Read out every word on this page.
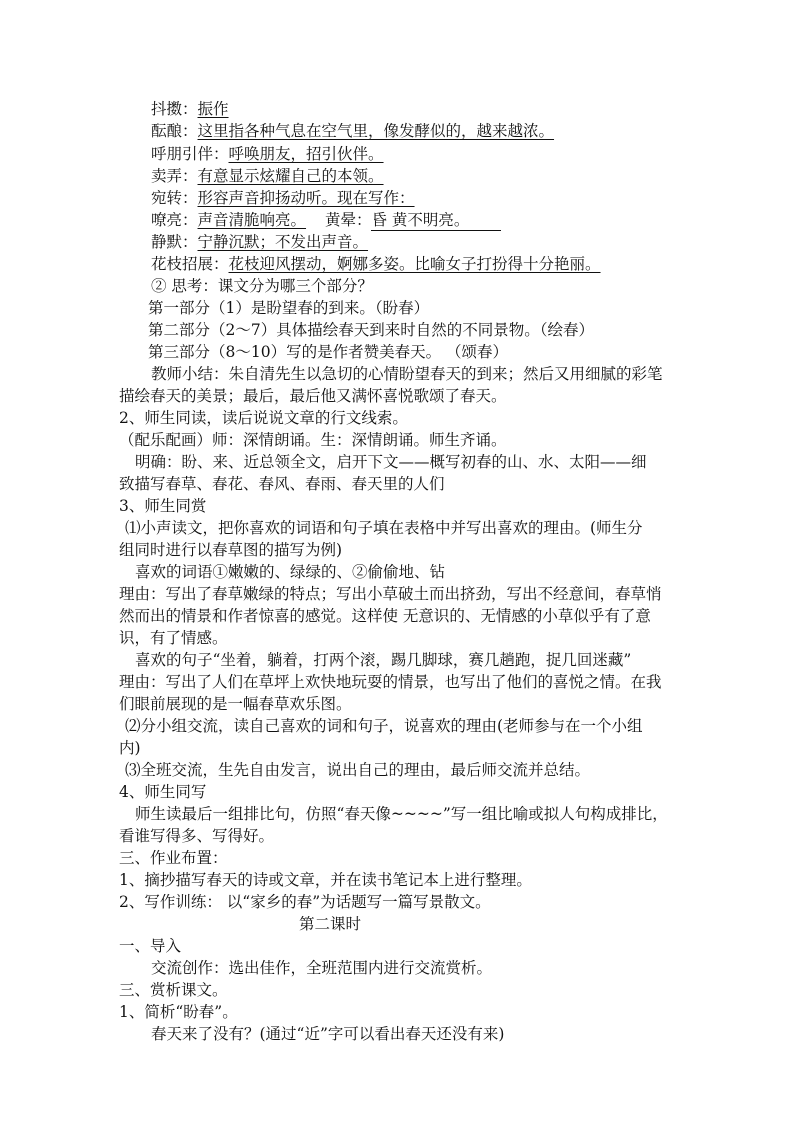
抖擞：振作
酝酿：这里指各种气息在空气里，像发酵似的，越来越浓。
呼朋引伴：呼唤朋友，招引伙伴。
卖弄：有意显示炫耀自己的本领。
宛转：形容声音抑扬动听。现在写作：
嘹亮：声音清脆响亮。 黄晕：昏 黄不明亮。
静默：宁静沉默；不发出声音。
花枝招展：花枝迎风摆动，婀娜多姿。比喻女子打扮得十分艳丽。
② 思考：课文分为哪三个部分？
第一部分（1）是盼望春的到来。（盼春）
第二部分（2～7）具体描绘春天到来时自然的不同景物。（绘春）
第三部分（8～10）写的是作者赞美春天。 （颂春）
教师小结：朱自清先生以急切的心情盼望春天的到来；然后又用细腻的彩笔
描绘春天的美景；最后，最后他又满怀喜悦歌颂了春天。
2、师生同读，读后说说文章的行文线索。
（配乐配画）师：深情朗诵。生：深情朗诵。师生齐诵。
明确：盼、来、近总领全文，启开下文——概写初春的山、水、太阳——细
致描写春草、春花、春风、春雨、春天里的人们
3、师生同赏
⑴小声读文，把你喜欢的词语和句子填在表格中并写出喜欢的理由。(师生分
组同时进行以春草图的描写为例)
喜欢的词语①嫩嫩的、绿绿的、②偷偷地、钻
理由：写出了春草嫩绿的特点；写出小草破土而出挤劲，写出不经意间，春草悄
然而出的情景和作者惊喜的感觉。这样使 无意识的、无情感的小草似乎有了意
识，有了情感。
喜欢的句子“坐着，躺着，打两个滚，踢几脚球，赛几趟跑，捉几回迷藏”
理由：写出了人们在草坪上欢快地玩耍的情景，也写出了他们的喜悦之情。在我
们眼前展现的是一幅春草欢乐图。
⑵分小组交流，读自己喜欢的词和句子，说喜欢的理由(老师参与在一个小组
内)
⑶全班交流，生先自由发言，说出自己的理由，最后师交流并总结。
4、师生同写
师生读最后一组排比句，仿照“春天像~~~~”写一组比喻或拟人句构成排比，
看谁写得多、写得好。
三、作业布置：
1、摘抄描写春天的诗或文章，并在读书笔记本上进行整理。
2、写作训练： 以“家乡的春”为话题写一篇写景散文。
第二课时
一、导入
交流创作：选出佳作，全班范围内进行交流赏析。
三、赏析课文。
1、简析“盼春”。
春天来了没有？(通过“近”字可以看出春天还没有来)
